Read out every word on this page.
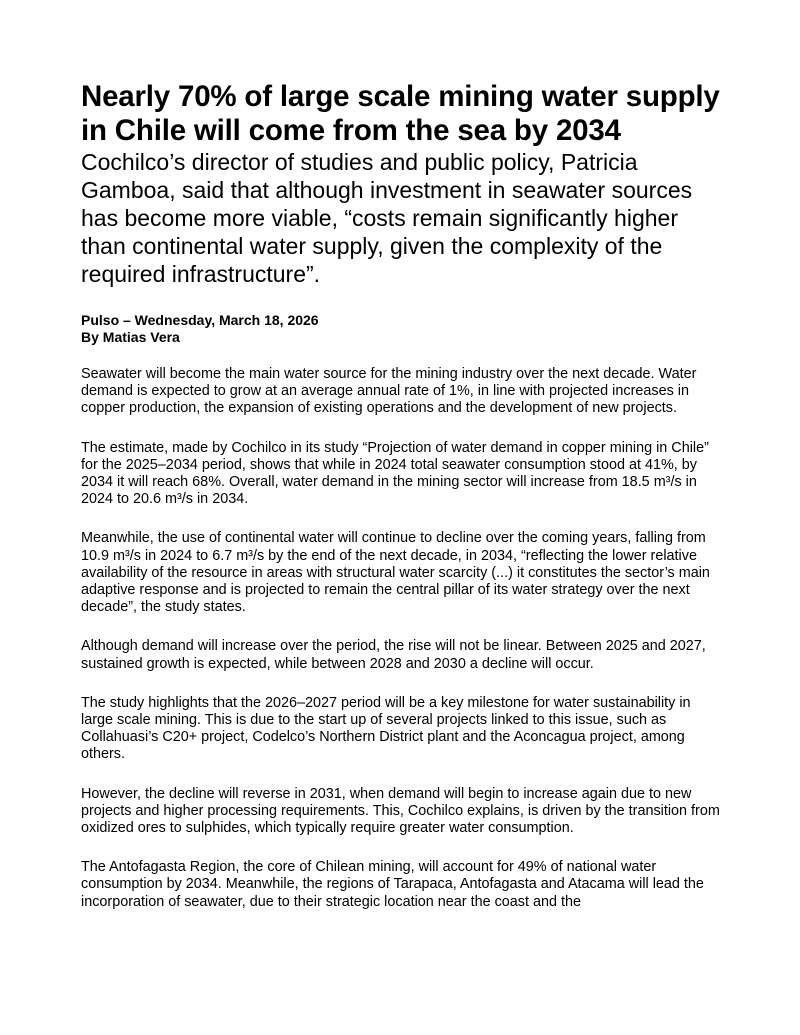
Nearly 70% of large scale mining water supply in Chile will come from the sea by 2034

Cochilco’s director of studies and public policy, Patricia Gamboa, said that although investment in seawater sources has become more viable, “costs remain significantly higher than continental water supply, given the complexity of the required infrastructure”.

Pulso – Wednesday, March 18, 2026
By Matias Vera

Seawater will become the main water source for the mining industry over the next decade. Water demand is expected to grow at an average annual rate of 1%, in line with projected increases in copper production, the expansion of existing operations and the development of new projects.

The estimate, made by Cochilco in its study “Projection of water demand in copper mining in Chile” for the 2025–2034 period, shows that while in 2024 total seawater consumption stood at 41%, by 2034 it will reach 68%. Overall, water demand in the mining sector will increase from 18.5 m³/s in 2024 to 20.6 m³/s in 2034.

Meanwhile, the use of continental water will continue to decline over the coming years, falling from 10.9 m³/s in 2024 to 6.7 m³/s by the end of the next decade, in 2034, “reflecting the lower relative availability of the resource in areas with structural water scarcity (...) it constitutes the sector’s main adaptive response and is projected to remain the central pillar of its water strategy over the next decade”, the study states.

Although demand will increase over the period, the rise will not be linear. Between 2025 and 2027, sustained growth is expected, while between 2028 and 2030 a decline will occur.

The study highlights that the 2026–2027 period will be a key milestone for water sustainability in large scale mining. This is due to the start up of several projects linked to this issue, such as Collahuasi’s C20+ project, Codelco’s Northern District plant and the Aconcagua project, among others.

However, the decline will reverse in 2031, when demand will begin to increase again due to new projects and higher processing requirements. This, Cochilco explains, is driven by the transition from oxidized ores to sulphides, which typically require greater water consumption.

The Antofagasta Region, the core of Chilean mining, will account for 49% of national water consumption by 2034. Meanwhile, the regions of Tarapaca, Antofagasta and Atacama will lead the incorporation of seawater, due to their strategic location near the coast and the
